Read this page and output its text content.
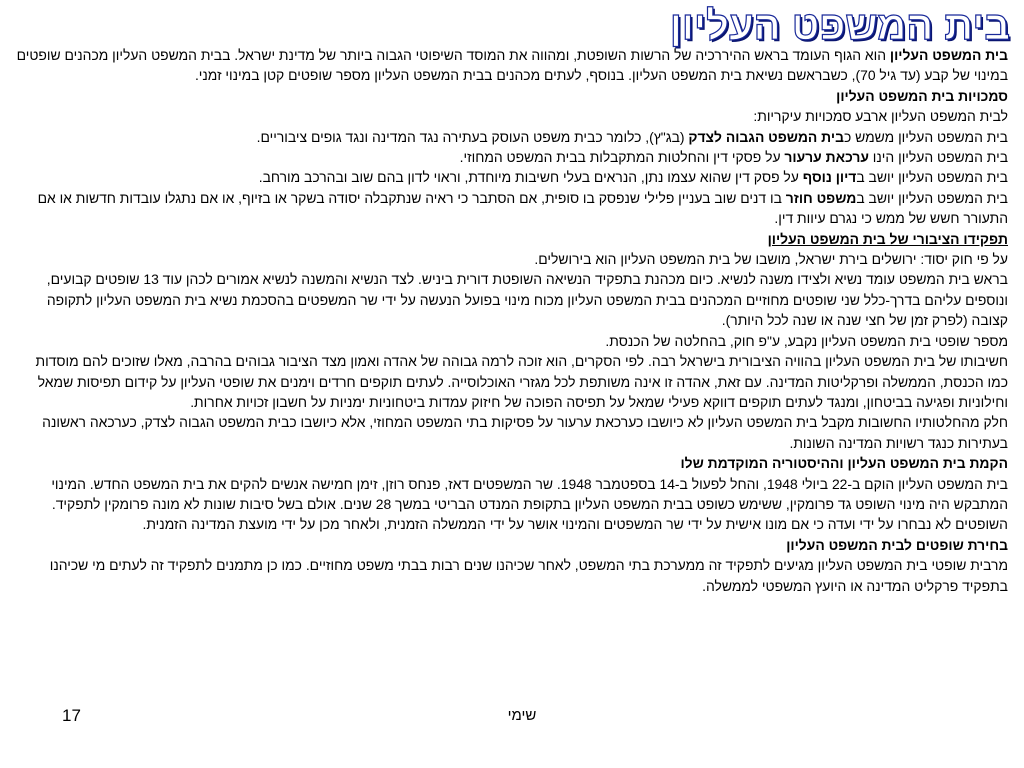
בית המשפט העליון

בית המשפט העליון הוא הגוף העומד בראש ההיררכיה של הרשות השופטת, ומהווה את המוסד השיפוטי הגבוה ביותר של מדינת ישראל. בבית המשפט העליון מכהנים שופטים במינוי של קבע (עד גיל 70), כשבראשם נשיאת בית המשפט העליון. בנוסף, לעתים מכהנים בבית המשפט העליון מספר שופטים קטן במינוי זמני.

סמכויות בית המשפט העליון

לבית המשפט העליון ארבע סמכויות עיקריות:

בית המשפט העליון משמש כבית המשפט הגבוה לצדק (בג"ץ), כלומר כבית משפט העוסק בעתירה נגד המדינה ונגד גופים ציבוריים.

בית המשפט העליון הינו ערכאת ערעור על פסקי דין והחלטות המתקבלות בבית המשפט המחוזי.

בית המשפט העליון יושב בדיון נוסף על פסק דין שהוא עצמו נתן, הנראים בעלי חשיבות מיוחדת, וראוי לדון בהם שוב ובהרכב מורחב.

בית המשפט העליון יושב במשפט חוזר בו דנים שוב בעניין פלילי שנפסק בו סופית, אם הסתבר כי ראיה שנתקבלה יסודה בשקר או בזיוף, או אם נתגלו עובדות חדשות או אם התעורר חשש של ממש כי נגרם עיוות דין.

תפקידו הציבורי של בית המשפט העליון

על פי חוק יסוד: ירושלים בירת ישראל, מושבו של בית המשפט העליון הוא בירושלים.

בראש בית המשפט עומד נשיא ולצידו משנה לנשיא. כיום מכהנת בתפקיד הנשיאה השופטת דורית ביניש. לצד הנשיא והמשנה לנשיא אמורים לכהן עוד 13 שופטים קבועים, ונוספים עליהם בדרך-כלל שני שופטים מחוזיים המכהנים בבית המשפט העליון מכוח מינוי בפועל הנעשה על ידי שר המשפטים בהסכמת נשיא בית המשפט העליון לתקופה קצובה (לפרק זמן של חצי שנה או שנה לכל היותר).

מספר שופטי בית המשפט העליון נקבע, ע"פ חוק, בהחלטה של הכנסת.

חשיבותו של בית המשפט העליון בהוויה הציבורית בישראל רבה. לפי הסקרים, הוא זוכה לרמה גבוהה של אהדה ואמון מצד הציבור גבוהים בהרבה, מאלו שזוכים להם מוסדות כמו הכנסת, הממשלה ופרקליטות המדינה. עם זאת, אהדה זו אינה משותפת לכל מגזרי האוכלוסייה. לעתים תוקפים חרדים וימנים את שופטי העליון על קידום תפיסות שמאל וחילוניות ופגיעה בביטחון, ומנגד לעתים תוקפים דווקא פעילי שמאל על תפיסה הפוכה של חיזוק עמדות ביטחוניות ימניות על חשבון זכויות אחרות.

חלק מהחלטותיו החשובות מקבל בית המשפט העליון לא כיושבו כערכאת ערעור על פסיקות בתי המשפט המחוזי, אלא כיושבו כבית המשפט הגבוה לצדק, כערכאה ראשונה בעתירות כנגד רשויות המדינה השונות.

הקמת בית המשפט העליון וההיסטוריה המוקדמת שלו

בית המשפט העליון הוקם ב-22 ביולי 1948, והחל לפעול ב-14 בספטמבר 1948. שר המשפטים דאז, פנחס רוזן, זימן חמישה אנשים להקים את בית המשפט החדש. המינוי המתבקש היה מינוי השופט גד פרומקין, ששימש כשופט בבית המשפט העליון בתקופת המנדט הבריטי במשך 28 שנים. אולם בשל סיבות שונות לא מונה פרומקין לתפקיד.

השופטים לא נבחרו על ידי ועדה כי אם מונו אישית על ידי שר המשפטים והמינוי אושר על ידי הממשלה הזמנית, ולאחר מכן על ידי מועצת המדינה הזמנית.

בחירת שופטים לבית המשפט העליון

מרבית שופטי בית המשפט העליון מגיעים לתפקיד זה ממערכת בתי המשפט, לאחר שכיהנו שנים רבות בבתי משפט מחוזיים. כמו כן מתמנים לתפקיד זה לעתים מי שכיהנו בתפקיד פרקליט המדינה או היועץ המשפטי לממשלה.

שימי
17
